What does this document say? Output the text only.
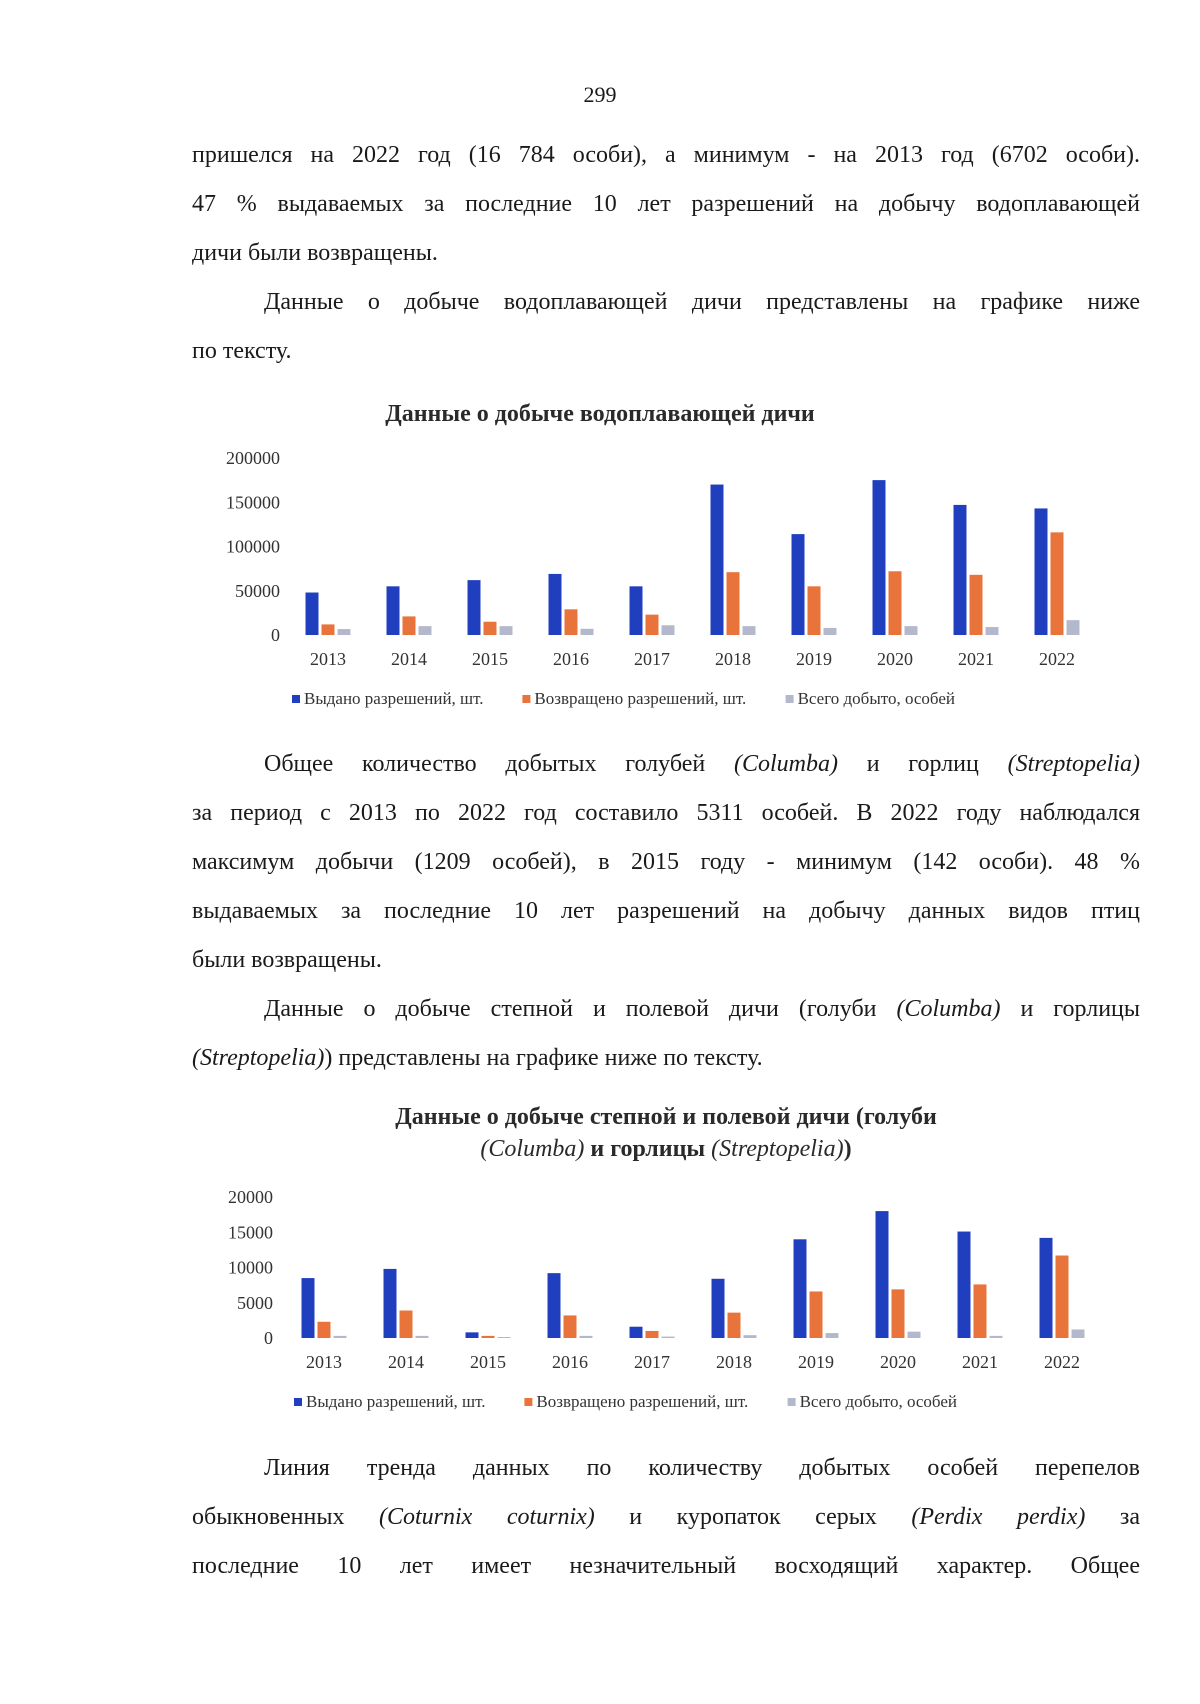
299
пришелся на 2022 год (16 784 особи), а минимум - на 2013 год (6702 особи).
47 % выдаваемых за последние 10 лет разрешений на добычу водоплавающей
дичи были возвращены.
Данные о добыче водоплавающей дичи представлены на графике ниже
по тексту.
Данные о добыче водоплавающей дичи
0
50000
100000
150000
200000
2013	2014	2015	2016	2017	2018	2019	2020	2021	2022
Выдано разрешений, шт.	Возвращено разрешений, шт.	Всего добыто, особей
Общее количество добытых голубей (Columba) и горлиц (Streptopelia)
за период с 2013 по 2022 год составило 5311 особей. В 2022 году наблюдался
максимум добычи (1209 особей), в 2015 году - минимум (142 особи). 48 %
выдаваемых за последние 10 лет разрешений на добычу данных видов птиц
были возвращены.
Данные о добыче степной и полевой дичи (голуби (Columba) и горлицы
(Streptopelia)) представлены на графике ниже по тексту.
Данные о добыче степной и полевой дичи (голуби
(Columba) и горлицы (Streptopelia))
0
5000
10000
15000
20000
2013	2014	2015	2016	2017	2018	2019	2020	2021	2022
Выдано разрешений, шт.	Возвращено разрешений, шт.	Всего добыто, особей
Линия тренда данных по количеству добытых особей перепелов
обыкновенных (Coturnix coturnix) и куропаток серых (Perdix perdix) за
последние 10 лет имеет незначительный восходящий характер. Общее
